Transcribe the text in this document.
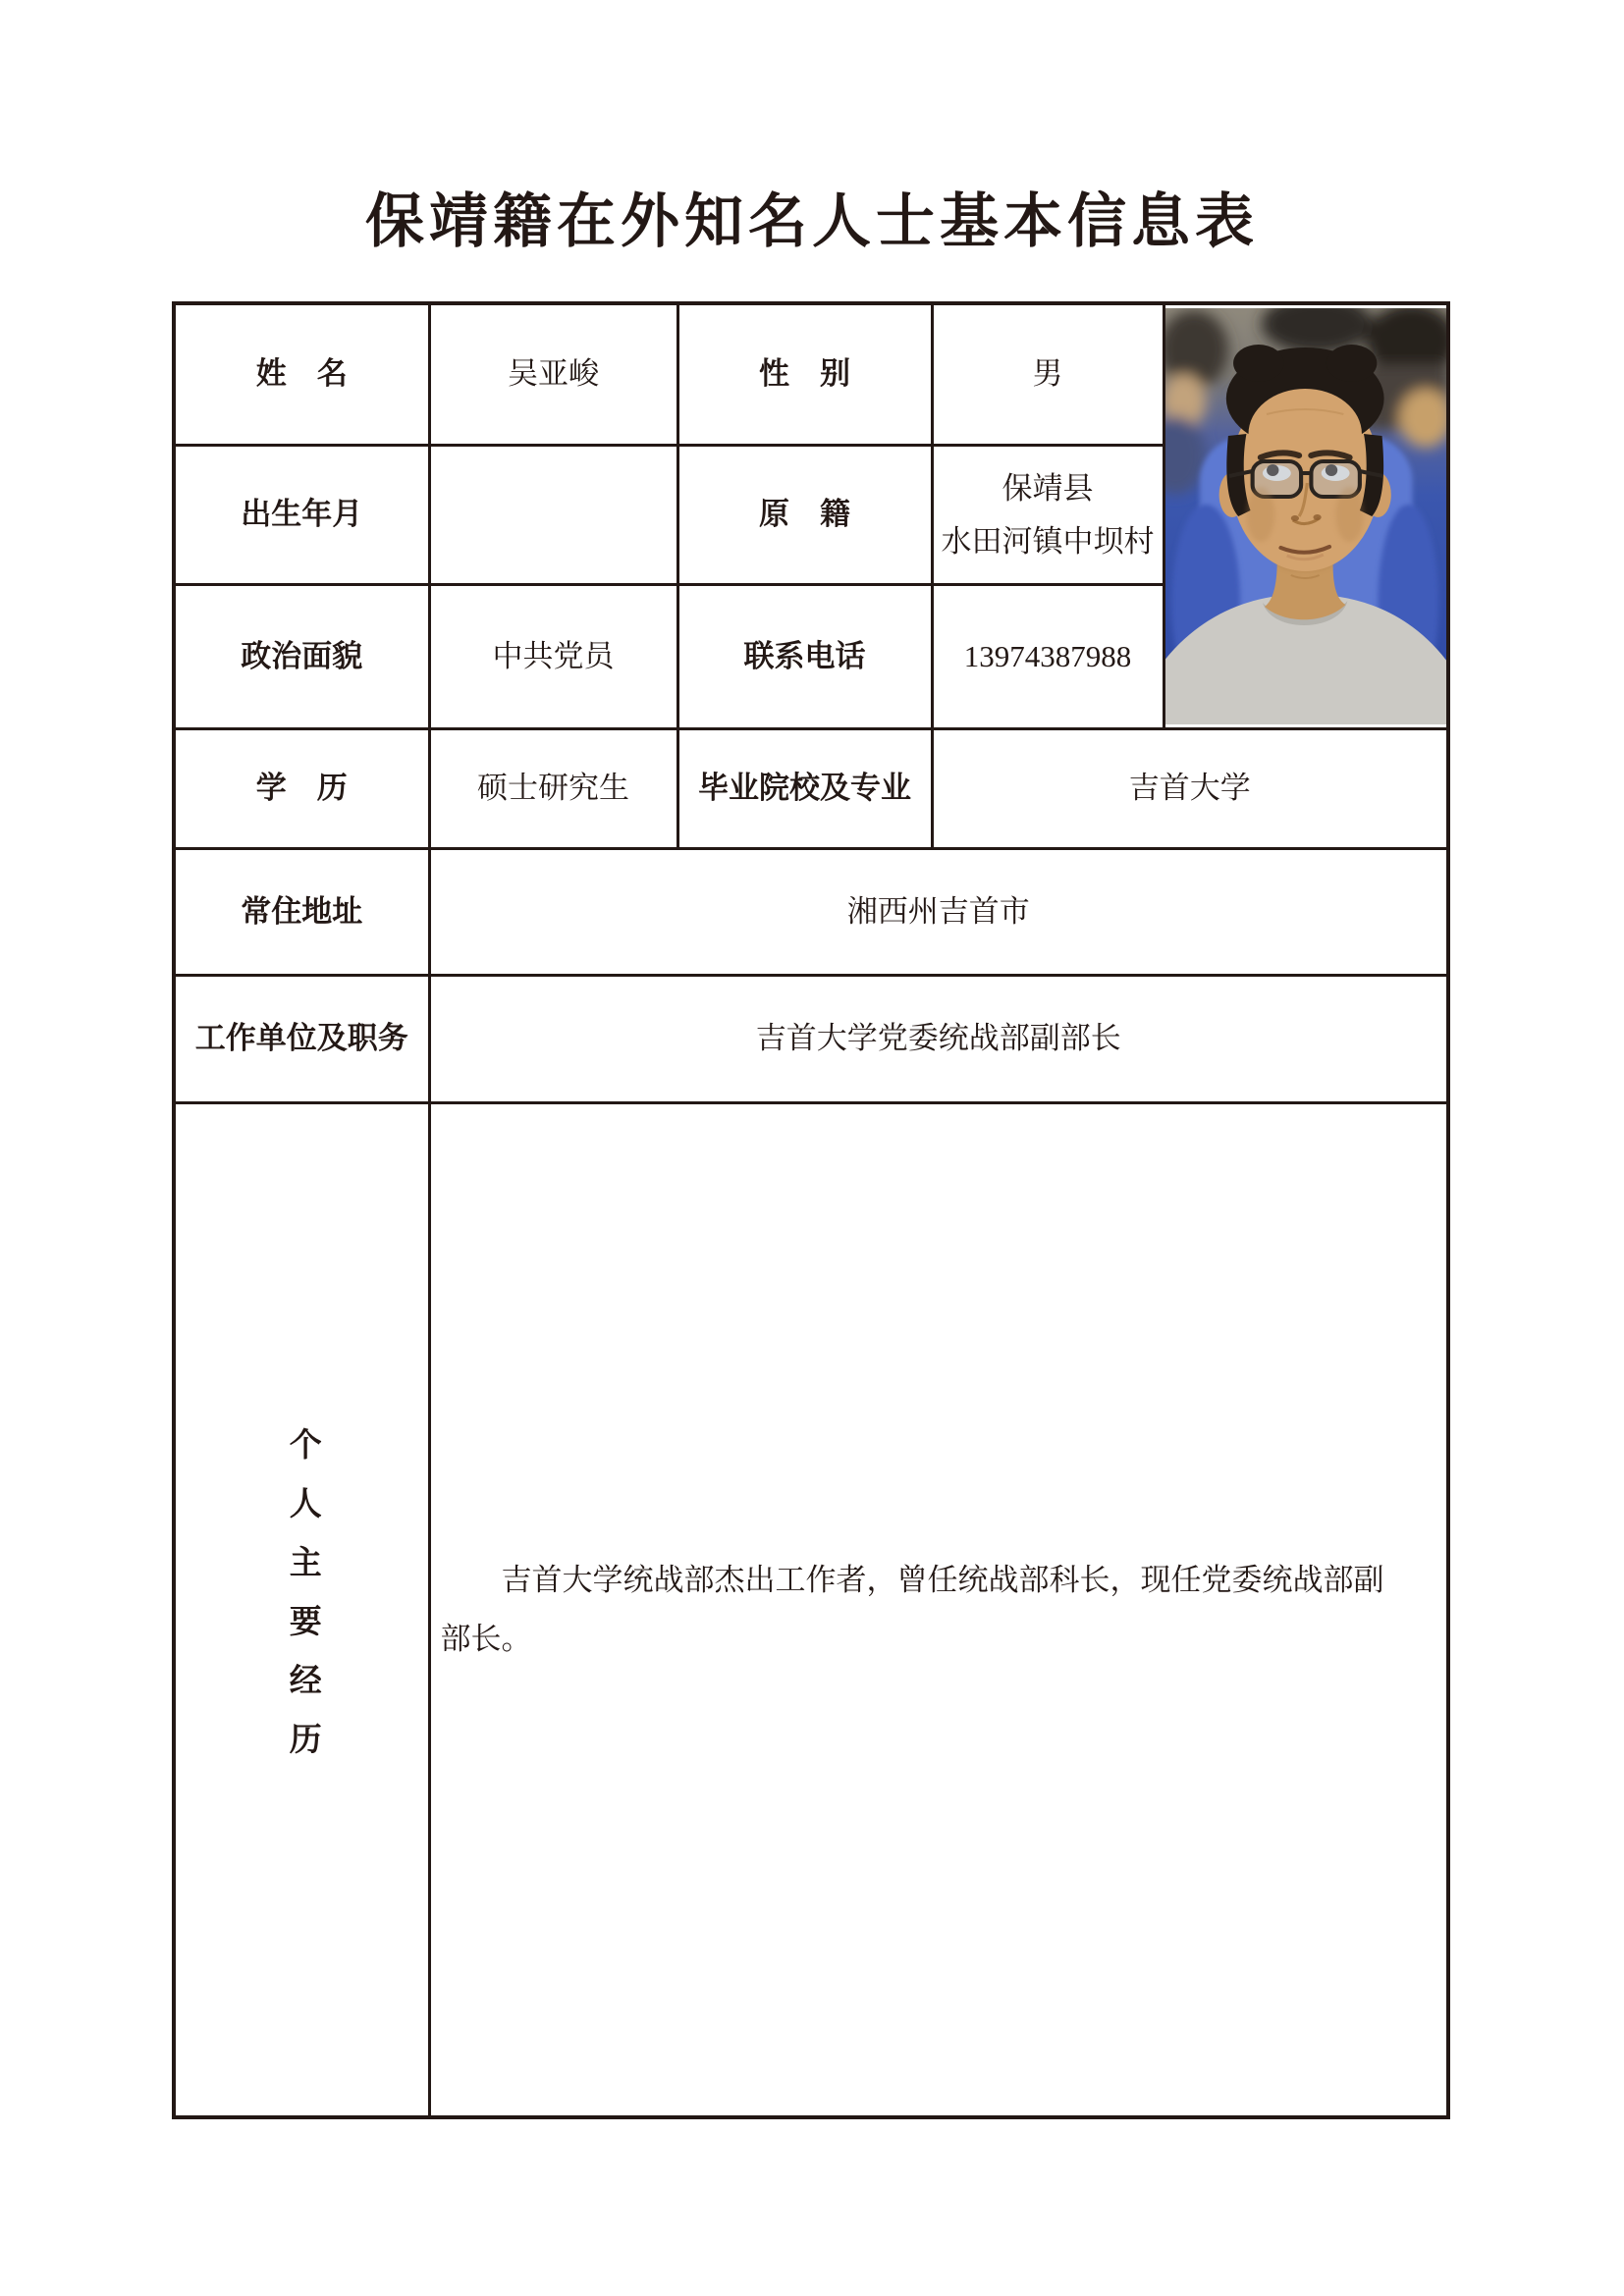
保靖籍在外知名人士基本信息表
姓　名	吴亚峻	性　别	男	

出生年月		原　籍	保靖县
水田河镇中坝村	

政治面貌	中共党员	联系电话	13974387988	
学　历	硕士研究生	毕业院校及专业	吉首大学	
常住地址	湘西州吉首市			
工作单位及职务	吉首大学党委统战部副部长			
个人主要经历	吉首大学统战部杰出工作者，曾任统战部科长，现任党委统战部副部长。			
